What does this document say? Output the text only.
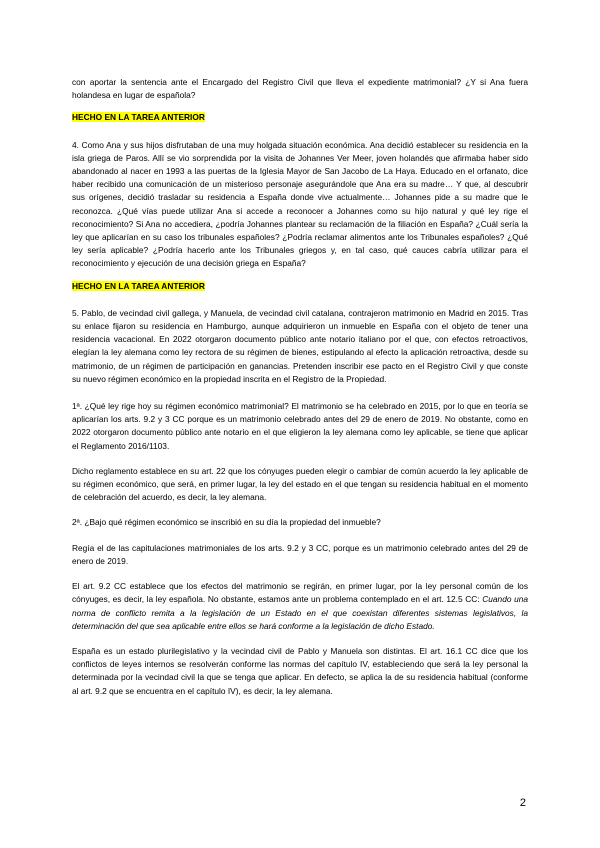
con aportar la sentencia ante el Encargado del Registro Civil que lleva el expediente matrimonial? ¿Y si Ana fuera holandesa en lugar de española?

HECHO EN LA TAREA ANTERIOR

4. Como Ana y sus hijos disfrutaban de una muy holgada situación económica. Ana decidió establecer su residencia en la isla griega de Paros. Allí se vio sorprendida por la visita de Johannes Ver Meer, joven holandés que afirmaba haber sido abandonado al nacer en 1993 a las puertas de la Iglesia Mayor de San Jacobo de La Haya. Educado en el orfanato, dice haber recibido una comunicación de un misterioso personaje asegurándole que Ana era su madre… Y que, al descubrir sus orígenes, decidió trasladar su residencia a España donde vive actualmente… Johannes pide a su madre que le reconozca. ¿Qué vías puede utilizar Ana si accede a reconocer a Johannes como su hijo natural y qué ley rige el reconocimiento? Si Ana no accediera, ¿podría Johannes plantear su reclamación de la filiación en España? ¿Cuál sería la ley que aplicarían en su caso los tribunales españoles? ¿Podría reclamar alimentos ante los Tribunales españoles? ¿Qué ley sería aplicable? ¿Podría hacerlo ante los Tribunales griegos y, en tal caso, qué cauces cabría utilizar para el reconocimiento y ejecución de una decisión griega en España?

HECHO EN LA TAREA ANTERIOR

5. Pablo, de vecindad civil gallega, y Manuela, de vecindad civil catalana, contrajeron matrimonio en Madrid en 2015. Tras su enlace fijaron su residencia en Hamburgo, aunque adquirieron un inmueble en España con el objeto de tener una residencia vacacional. En 2022 otorgaron documento público ante notario italiano por el que, con efectos retroactivos, elegían la ley alemana como ley rectora de su régimen de bienes, estipulando al efecto la aplicación retroactiva, desde su matrimonio, de un régimen de participación en ganancias. Pretenden inscribir ese pacto en el Registro Civil y que conste su nuevo régimen económico en la propiedad inscrita en el Registro de la Propiedad.

1ª. ¿Qué ley rige hoy su régimen económico matrimonial? El matrimonio se ha celebrado en 2015, por lo que en teoría se aplicarían los arts. 9.2 y 3 CC porque es un matrimonio celebrado antes del 29 de enero de 2019. No obstante, como en 2022 otorgaron documento público ante notario en el que eligieron la ley alemana como ley aplicable, se tiene que aplicar el Reglamento 2016/1103.

Dicho reglamento establece en su art. 22 que los cónyuges pueden elegir o cambiar de común acuerdo la ley aplicable de su régimen económico, que será, en primer lugar, la ley del estado en el que tengan su residencia habitual en el momento de celebración del acuerdo, es decir, la ley alemana.

2ª. ¿Bajo qué régimen económico se inscribió en su día la propiedad del inmueble?

Regía el de las capitulaciones matrimoniales de los arts. 9.2 y 3 CC, porque es un matrimonio celebrado antes del 29 de enero de 2019.

El art. 9.2 CC establece que los efectos del matrimonio se regirán, en primer lugar, por la ley personal común de los cónyuges, es decir, la ley española. No obstante, estamos ante un problema contemplado en el art. 12.5 CC: Cuando una norma de conflicto remita a la legislación de un Estado en el que coexistan diferentes sistemas legislativos, la determinación del que sea aplicable entre ellos se hará conforme a la legislación de dicho Estado.

España es un estado plurilegislativo y la vecindad civil de Pablo y Manuela son distintas. El art. 16.1 CC dice que los conflictos de leyes internos se resolverán conforme las normas del capítulo IV, estableciendo que será la ley personal la determinada por la vecindad civil la que se tenga que aplicar. En defecto, se aplica la de su residencia habitual (conforme al art. 9.2 que se encuentra en el capítulo IV), es decir, la ley alemana.

2
